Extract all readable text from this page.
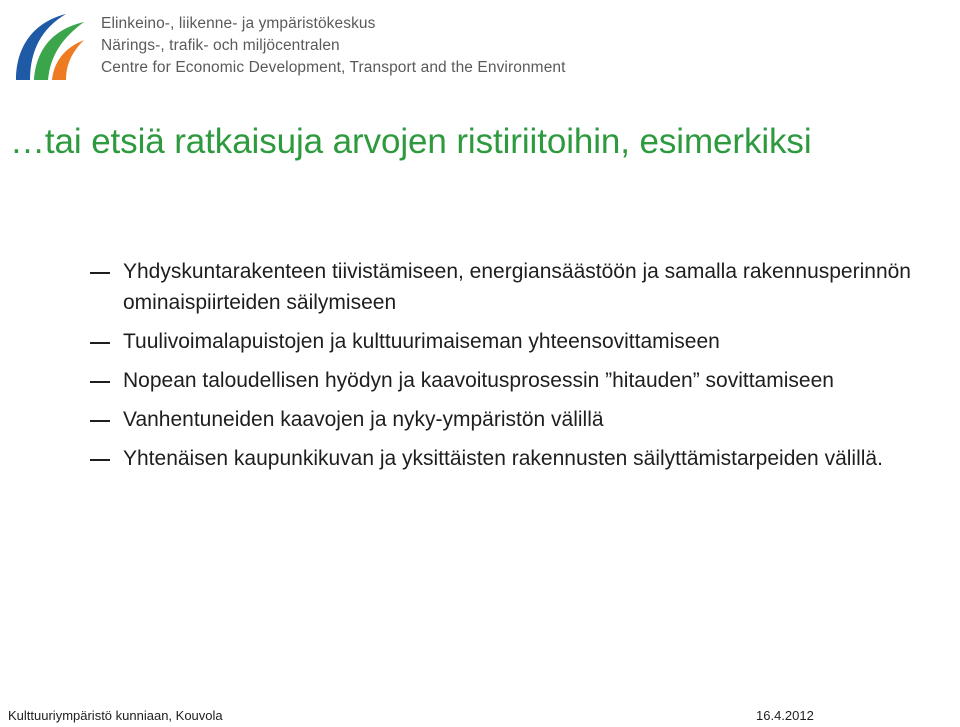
Elinkeino-, liikenne- ja ympäristökeskus
Närings-, trafik- och miljöcentralen
Centre for Economic Development, Transport and the Environment
…tai etsiä ratkaisuja arvojen ristiriitoihin, esimerkiksi
Yhdyskuntarakenteen tiivistämiseen, energiansäästöön ja samalla rakennusperinnön ominaispiirteiden säilymiseen
Tuulivoimalapuistojen ja kulttuurimaiseman yhteensovittamiseen
Nopean taloudellisen hyödyn ja kaavoitusprosessin ”hitauden” sovittamiseen
Vanhentuneiden kaavojen ja nyky-ympäristön välillä
Yhtenäisen kaupunkikuvan ja yksittäisten rakennusten säilyttämistarpeiden välillä.
Kulttuuriympäristö kunniaan, Kouvola	16.4.2012
